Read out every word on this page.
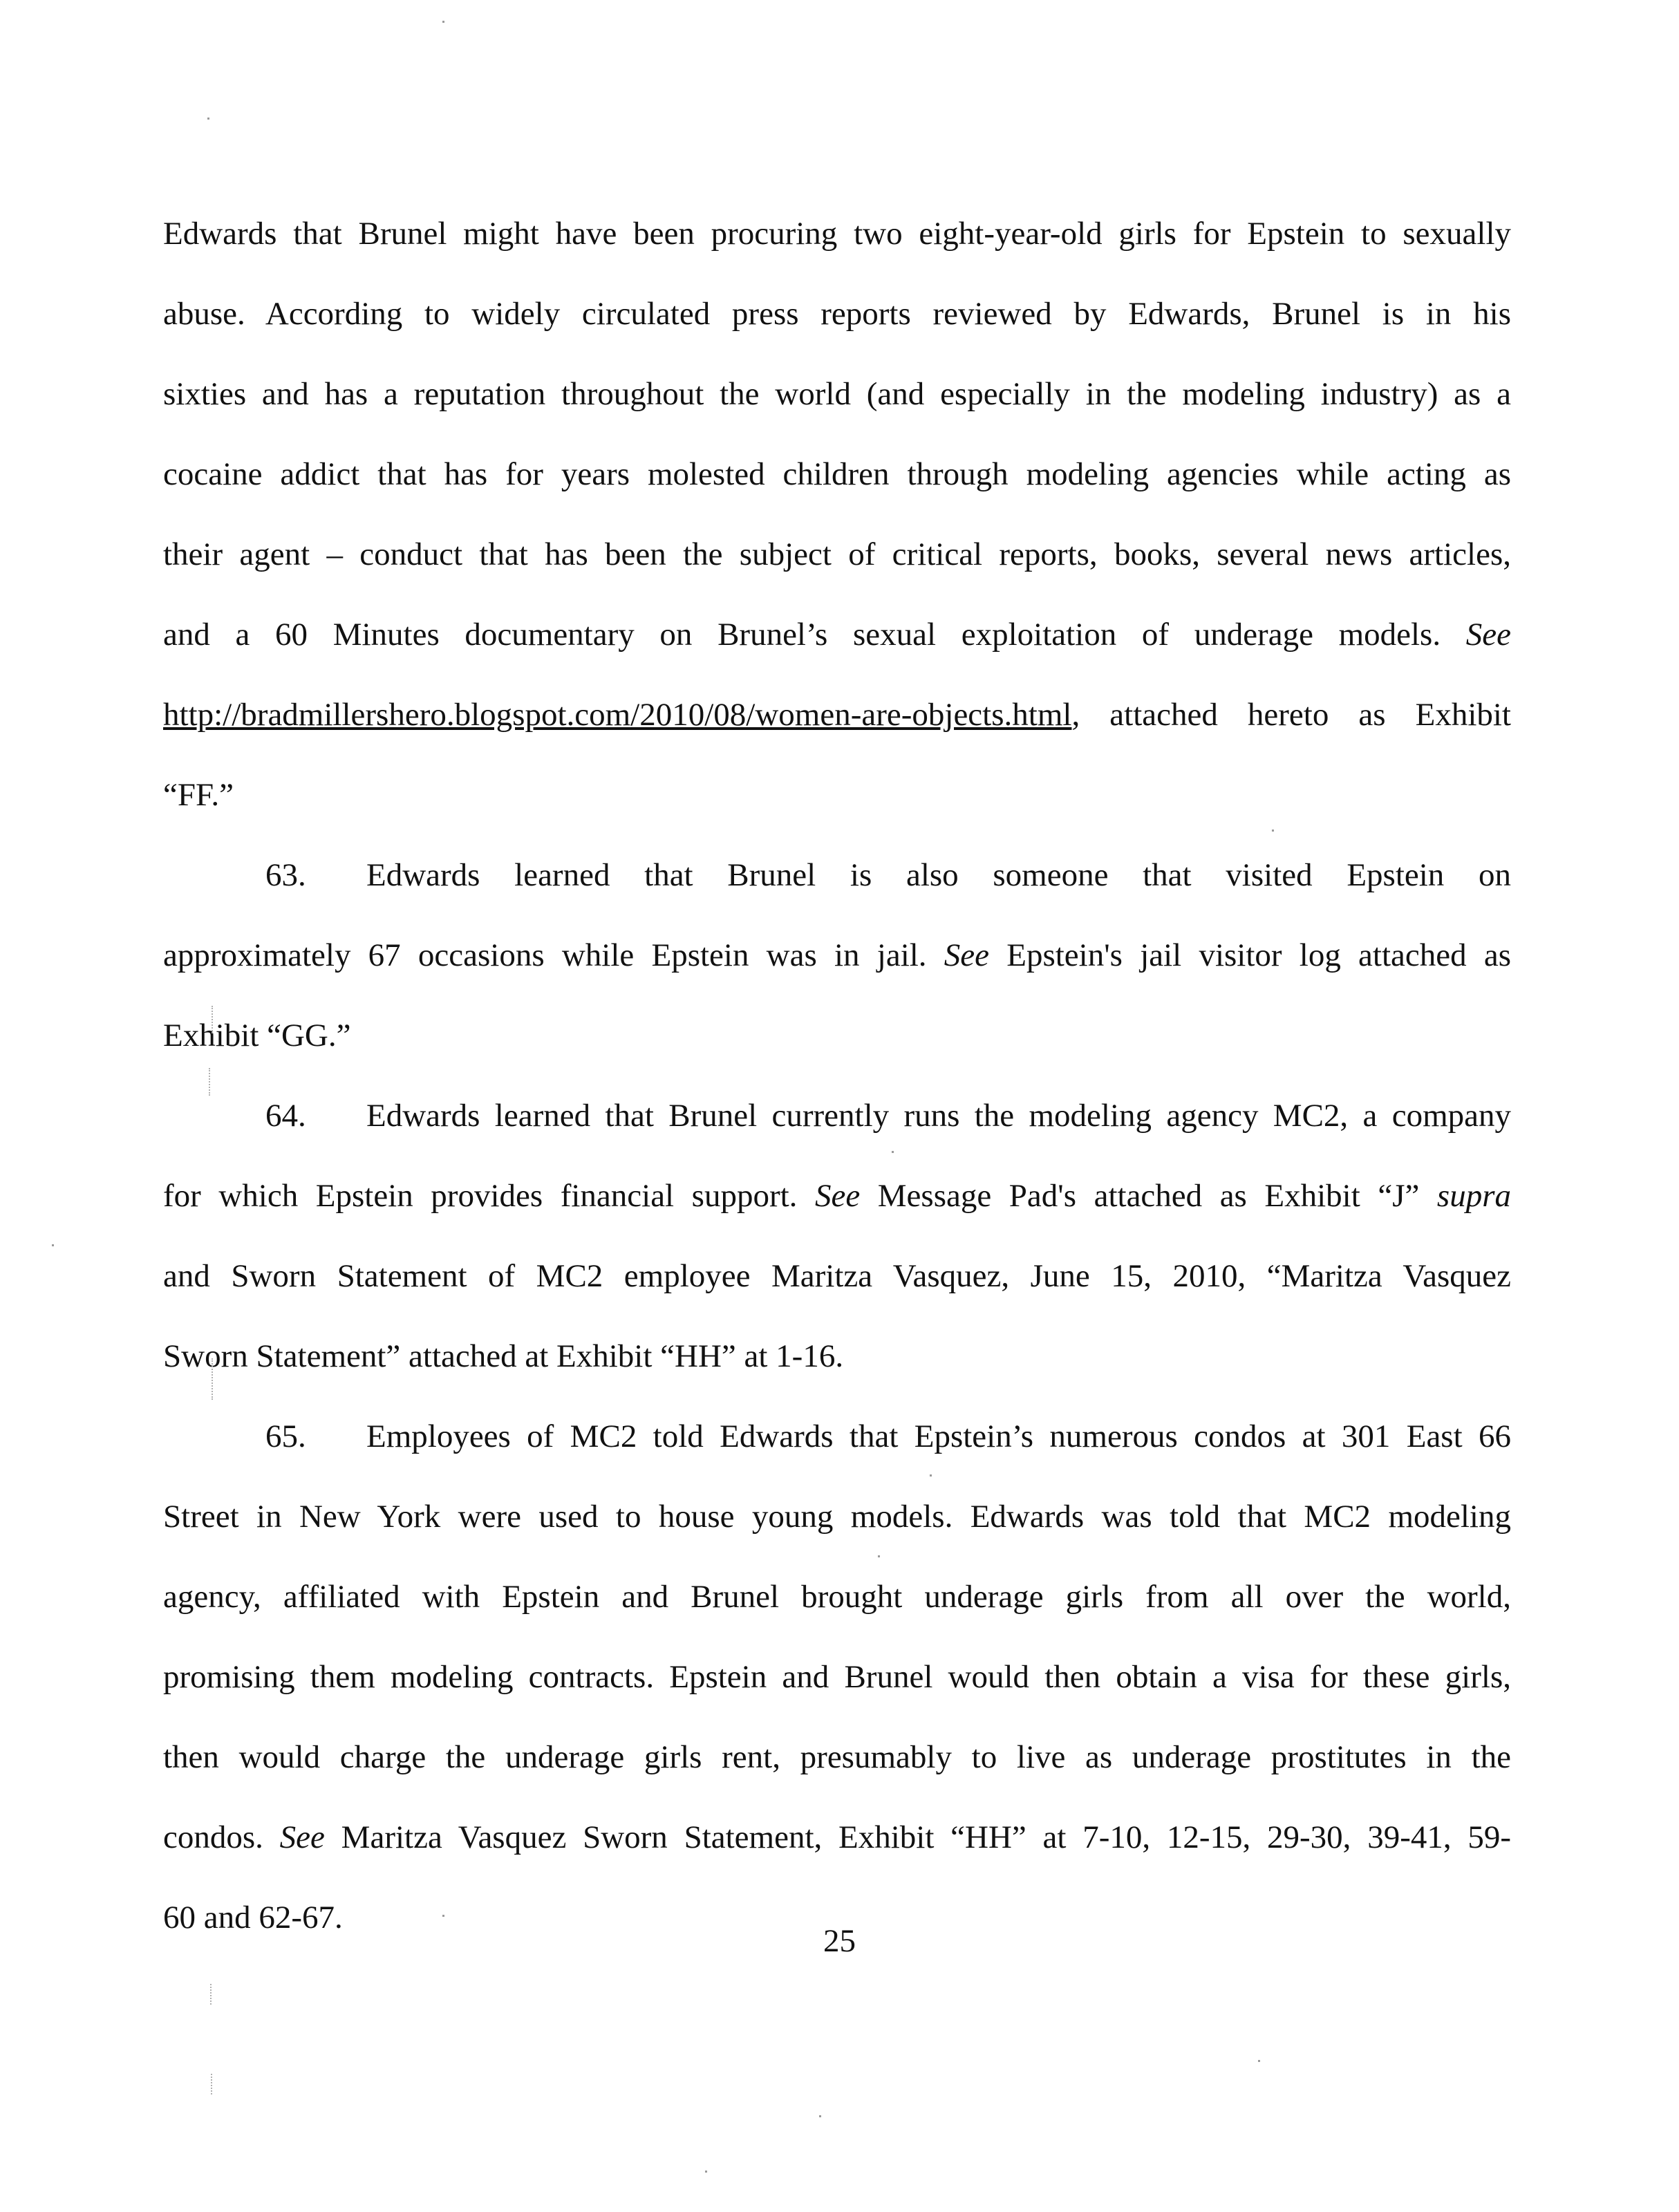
Edwards that Brunel might have been procuring two eight-year-old girls for Epstein to sexually

abuse. According to widely circulated press reports reviewed by Edwards, Brunel is in his

sixties and has a reputation throughout the world (and especially in the modeling industry) as a

cocaine addict that has for years molested children through modeling agencies while acting as

their agent – conduct that has been the subject of critical reports, books, several news articles,

and a 60 Minutes documentary on Brunel’s sexual exploitation of underage models. See

http://bradmillershero.blogspot.com/2010/08/women-are-objects.html, attached hereto as Exhibit

“FF.”

63.	Edwards learned that Brunel is also someone that visited Epstein on

approximately 67 occasions while Epstein was in jail. See Epstein's jail visitor log attached as

Exhibit “GG.”

64.	Edwards learned that Brunel currently runs the modeling agency MC2, a company

for which Epstein provides financial support. See Message Pad's attached as Exhibit “J” supra

and Sworn Statement of MC2 employee Maritza Vasquez, June 15, 2010, “Maritza Vasquez

Sworn Statement” attached at Exhibit “HH” at 1-16.

65.	Employees of MC2 told Edwards that Epstein’s numerous condos at 301 East 66

Street in New York were used to house young models. Edwards was told that MC2 modeling

agency, affiliated with Epstein and Brunel brought underage girls from all over the world,

promising them modeling contracts. Epstein and Brunel would then obtain a visa for these girls,

then would charge the underage girls rent, presumably to live as underage prostitutes in the

condos. See Maritza Vasquez Sworn Statement, Exhibit “HH” at 7-10, 12-15, 29-30, 39-41, 59-

60 and 62-67.

25
